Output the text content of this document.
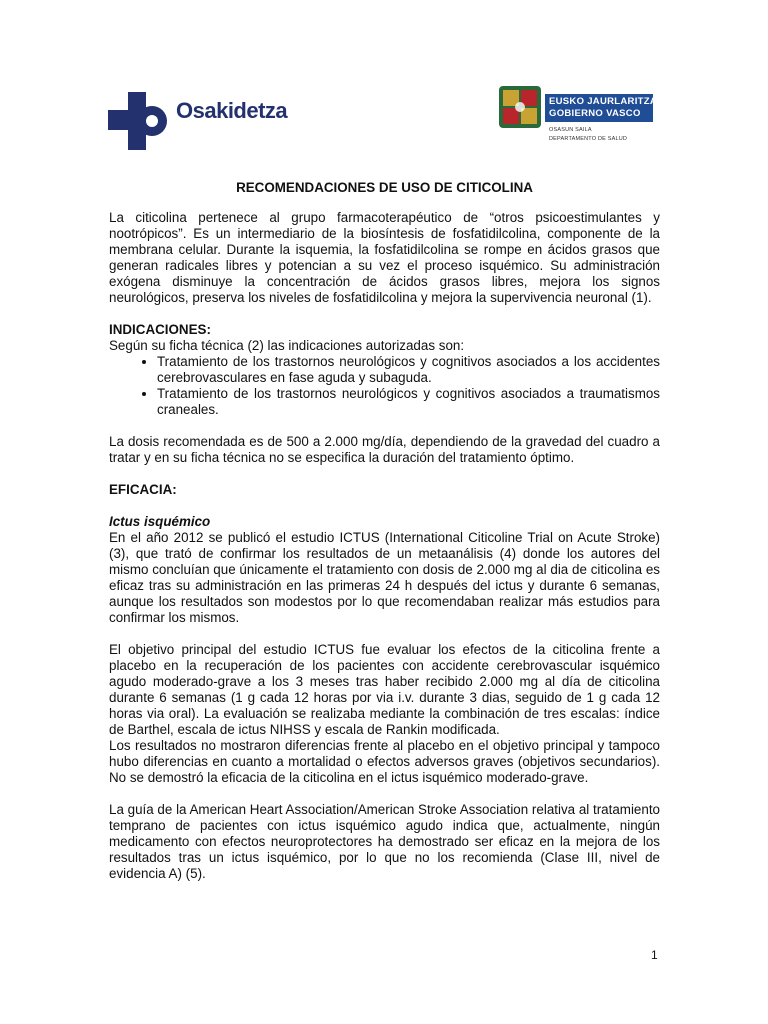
Osakidetza	EUSKO JAURLARITZA
GOBIERNO VASCO
OSASUN SAILA
DEPARTAMENTO DE SALUD

RECOMENDACIONES DE USO DE CITICOLINA

La citicolina pertenece al grupo farmacoterapéutico de “otros psicoestimulantes y nootrópicos”. Es un intermediario de la biosíntesis de fosfatidilcolina, componente de la membrana celular. Durante la isquemia, la fosfatidilcolina se rompe en ácidos grasos que generan radicales libres y potencian a su vez el proceso isquémico. Su administración exógena disminuye la concentración de ácidos grasos libres, mejora los signos neurológicos, preserva los niveles de fosfatidilcolina y mejora la supervivencia neuronal (1).

INDICACIONES:

Según su ficha técnica (2) las indicaciones autorizadas son:

• Tratamiento de los trastornos neurológicos y cognitivos asociados a los accidentes cerebrovasculares en fase aguda y subaguda.
• Tratamiento de los trastornos neurológicos y cognitivos asociados a traumatismos craneales.

La dosis recomendada es de 500 a 2.000 mg/día, dependiendo de la gravedad del cuadro a tratar y en su ficha técnica no se especifica la duración del tratamiento óptimo.

EFICACIA:

Ictus isquémico

En el año 2012 se publicó el estudio ICTUS (International Citicoline Trial on Acute Stroke) (3), que trató de confirmar los resultados de un metaanálisis (4) donde los autores del mismo concluían que únicamente el tratamiento con dosis de 2.000 mg al dia de citicolina es eficaz tras su administración en las primeras 24 h después del ictus y durante 6 semanas, aunque los resultados son modestos por lo que recomendaban realizar más estudios para confirmar los mismos.

El objetivo principal del estudio ICTUS fue evaluar los efectos de la citicolina frente a placebo en la recuperación de los pacientes con accidente cerebrovascular isquémico agudo moderado-grave a los 3 meses tras haber recibido 2.000 mg al día de citicolina durante 6 semanas (1 g cada 12 horas por via i.v. durante 3 dias, seguido de 1 g cada 12 horas via oral). La evaluación se realizaba mediante la combinación de tres escalas: índice de Barthel, escala de ictus NIHSS y escala de Rankin modificada.

Los resultados no mostraron diferencias frente al placebo en el objetivo principal y tampoco hubo diferencias en cuanto a mortalidad o efectos adversos graves (objetivos secundarios). No se demostró la eficacia de la citicolina en el ictus isquémico moderado-grave.

La guía de la American Heart Association/American Stroke Association relativa al tratamiento temprano de pacientes con ictus isquémico agudo indica que, actualmente, ningún medicamento con efectos neuroprotectores ha demostrado ser eficaz en la mejora de los resultados tras un ictus isquémico, por lo que no los recomienda (Clase III, nivel de evidencia A) (5).

1
